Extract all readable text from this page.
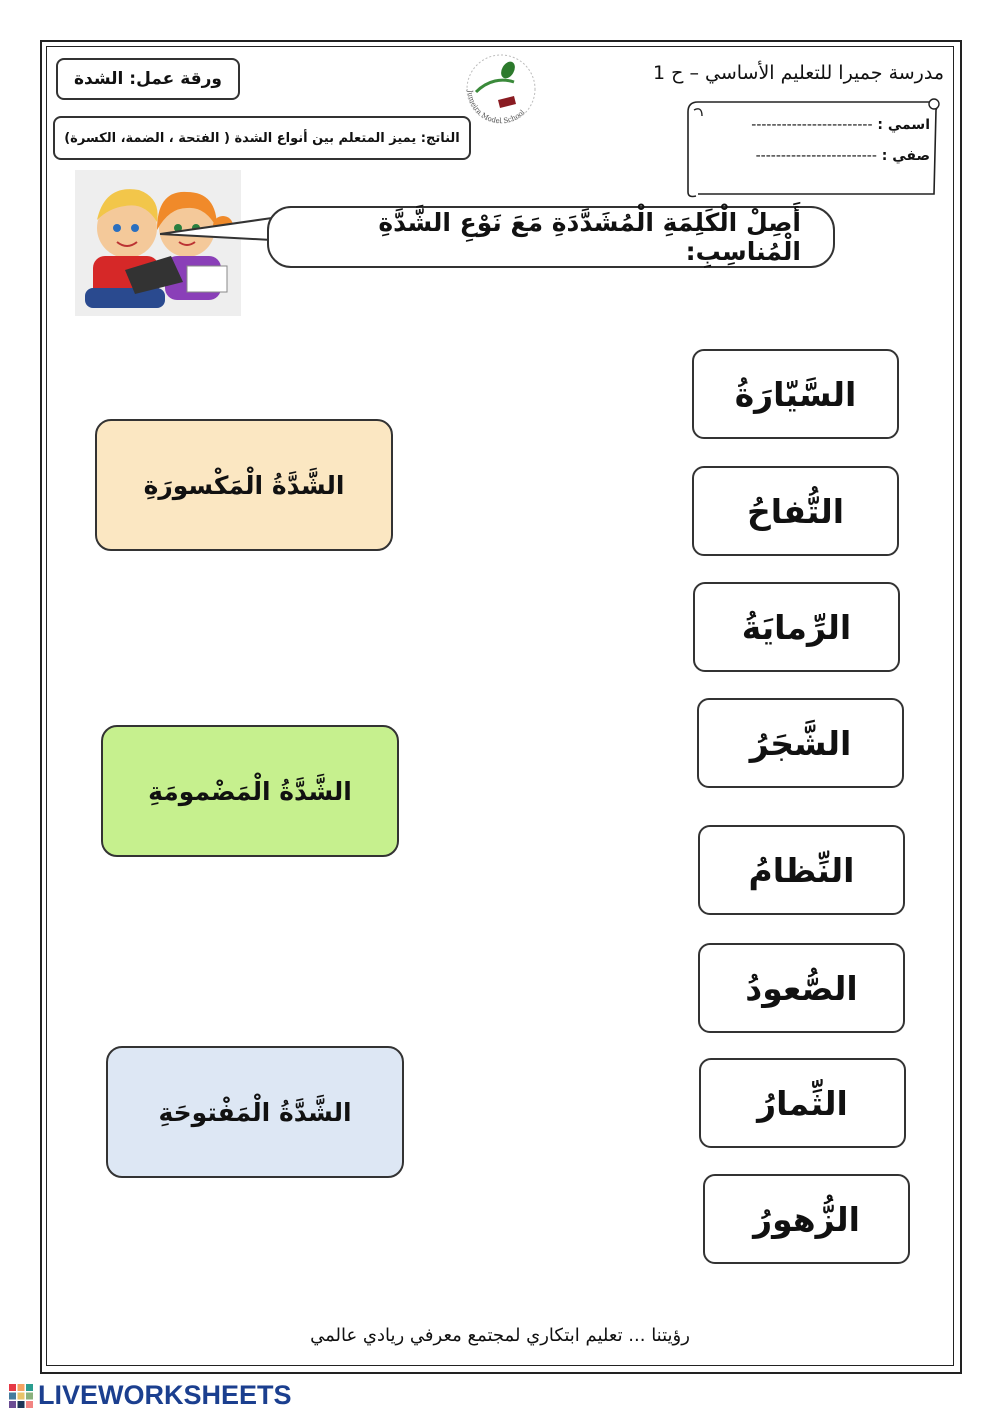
مدرسة جميرا للتعليم الأساسي – ح 1
ورقة عمل: الشدة
الناتج: يميز المتعلم بين أنواع الشدة ( الفتحة ، الضمة، الكسرة)
Jumeira Model School
اسمي : ------------------------
صفي : ------------------------
أَصِلْ الْكَلِمَةِ الْمُشَدَّدَةِ مَعَ نَوْعِ الشَّدَّةِ الْمُناسِبِ:
السَّيّارَةُ
التُّفاحُ
الرِّمايَةُ
الشَّجَرُ
النِّظامُ
الصُّعودُ
الثِّمارُ
الزُّهورُ
الشَّدَّةُ الْمَكْسورَةِ
الشَّدَّةُ الْمَضْمومَةِ
الشَّدَّةُ الْمَفْتوحَةِ
رؤيتنا ... تعليم ابتكاري لمجتمع معرفي ريادي عالمي
LIVEWORKSHEETS
